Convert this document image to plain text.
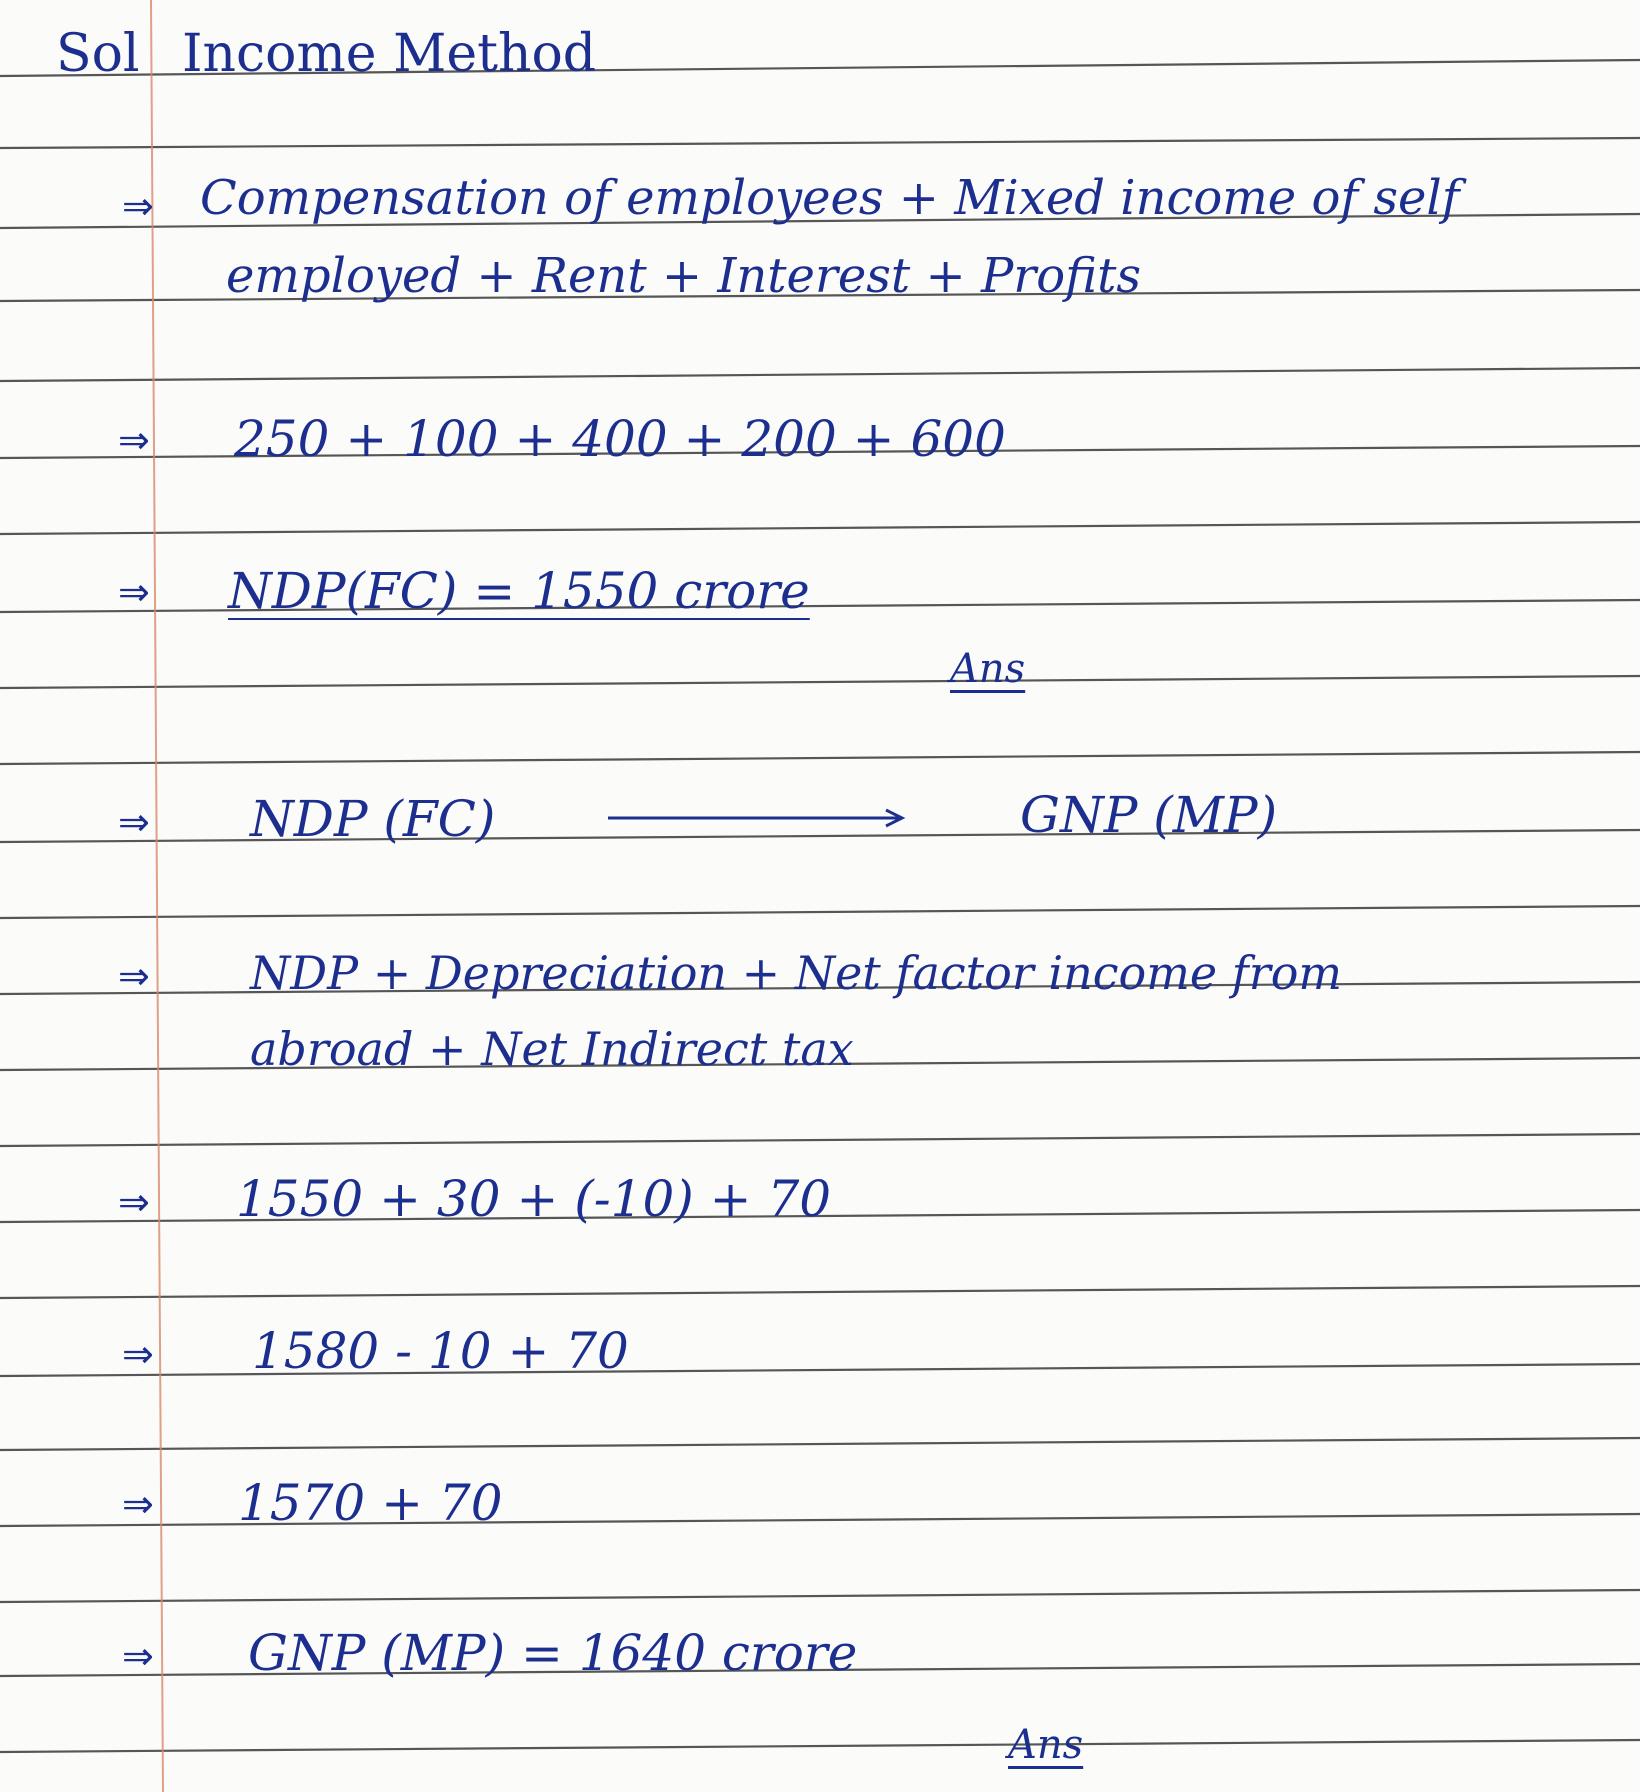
Sol Income Method
⇒ Compensation of employees + Mixed income of self
employed + Rent + Interest + Profits
⇒ 250 + 100 + 400 + 200 + 600
⇒ NDP(FC) = 1550 crore
Ans
⇒ NDP (FC)	GNP (MP)
⇒ NDP + Depreciation + Net factor income from
abroad + Net Indirect tax
⇒ 1550 + 30 + (-10) + 70
⇒ 1580 - 10 + 70
⇒ 1570 + 70
⇒ GNP (MP) = 1640 crore
Ans
